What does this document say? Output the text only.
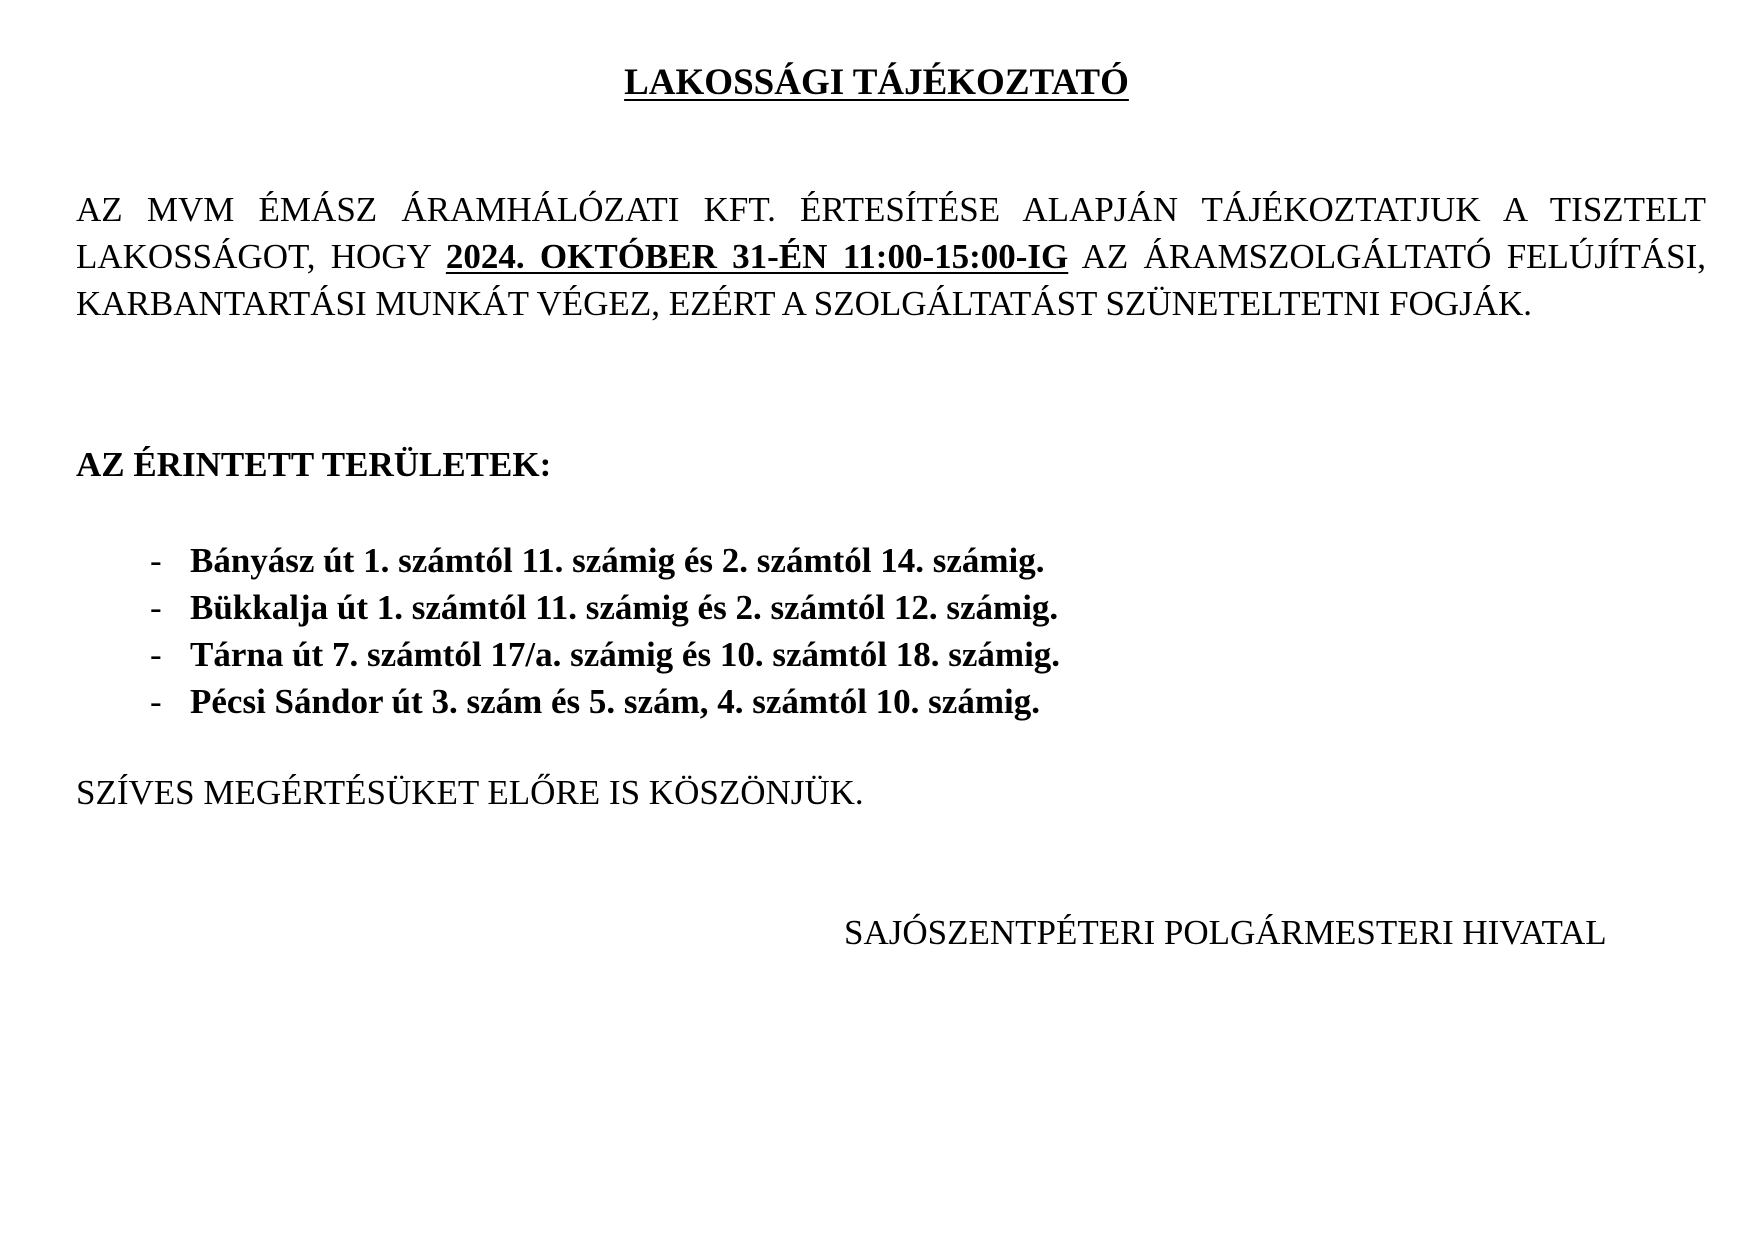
LAKOSSÁGI TÁJÉKOZTATÓ

AZ MVM ÉMÁSZ ÁRAMHÁLÓZATI KFT. ÉRTESÍTÉSE ALAPJÁN TÁJÉKOZTATJUK A TISZTELT LAKOSSÁGOT, HOGY 2024. OKTÓBER 31-ÉN 11:00-15:00-IG AZ ÁRAMSZOLGÁLTATÓ FELÚJÍTÁSI, KARBANTARTÁSI MUNKÁT VÉGEZ, EZÉRT A SZOLGÁLTATÁST SZÜNETELTETNI FOGJÁK.

AZ ÉRINTETT TERÜLETEK:

- Bányász út 1. számtól 11. számig és 2. számtól 14. számig.
- Bükkalja út 1. számtól 11. számig és 2. számtól 12. számig.
- Tárna út 7. számtól 17/a. számig és 10. számtól 18. számig.
- Pécsi Sándor út 3. szám és 5. szám, 4. számtól 10. számig.

SZÍVES MEGÉRTÉSÜKET ELŐRE IS KÖSZÖNJÜK.

SAJÓSZENTPÉTERI POLGÁRMESTERI HIVATAL
